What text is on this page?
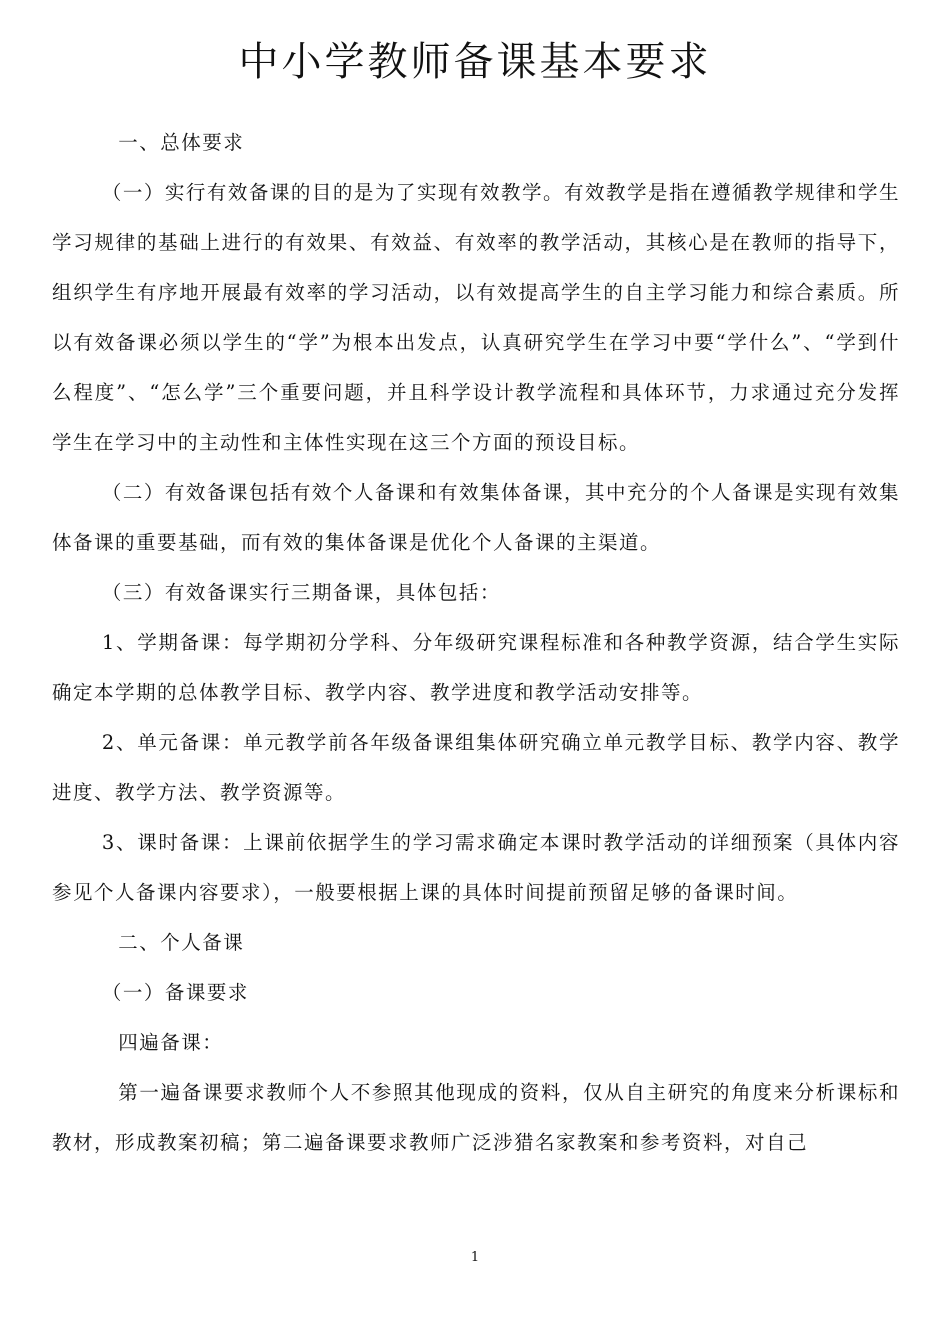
中小学教师备课基本要求

一、总体要求

（一）实行有效备课的目的是为了实现有效教学。有效教学是指在遵循教学规律和学生学习规律的基础上进行的有效果、有效益、有效率的教学活动，其核心是在教师的指导下，组织学生有序地开展最有效率的学习活动，以有效提高学生的自主学习能力和综合素质。所以有效备课必须以学生的“学”为根本出发点，认真研究学生在学习中要“学什么”、“学到什么程度”、“怎么学”三个重要问题，并且科学设计教学流程和具体环节，力求通过充分发挥学生在学习中的主动性和主体性实现在这三个方面的预设目标。

（二）有效备课包括有效个人备课和有效集体备课，其中充分的个人备课是实现有效集体备课的重要基础，而有效的集体备课是优化个人备课的主渠道。

（三）有效备课实行三期备课，具体包括：

1、学期备课：每学期初分学科、分年级研究课程标准和各种教学资源，结合学生实际确定本学期的总体教学目标、教学内容、教学进度和教学活动安排等。

2、单元备课：单元教学前各年级备课组集体研究确立单元教学目标、教学内容、教学进度、教学方法、教学资源等。

3、课时备课：上课前依据学生的学习需求确定本课时教学活动的详细预案（具体内容参见个人备课内容要求），一般要根据上课的具体时间提前预留足够的备课时间。

二、个人备课

（一）备课要求

四遍备课：

第一遍备课要求教师个人不参照其他现成的资料，仅从自主研究的角度来分析课标和教材，形成教案初稿；第二遍备课要求教师广泛涉猎名家教案和参考资料，对自己

1
